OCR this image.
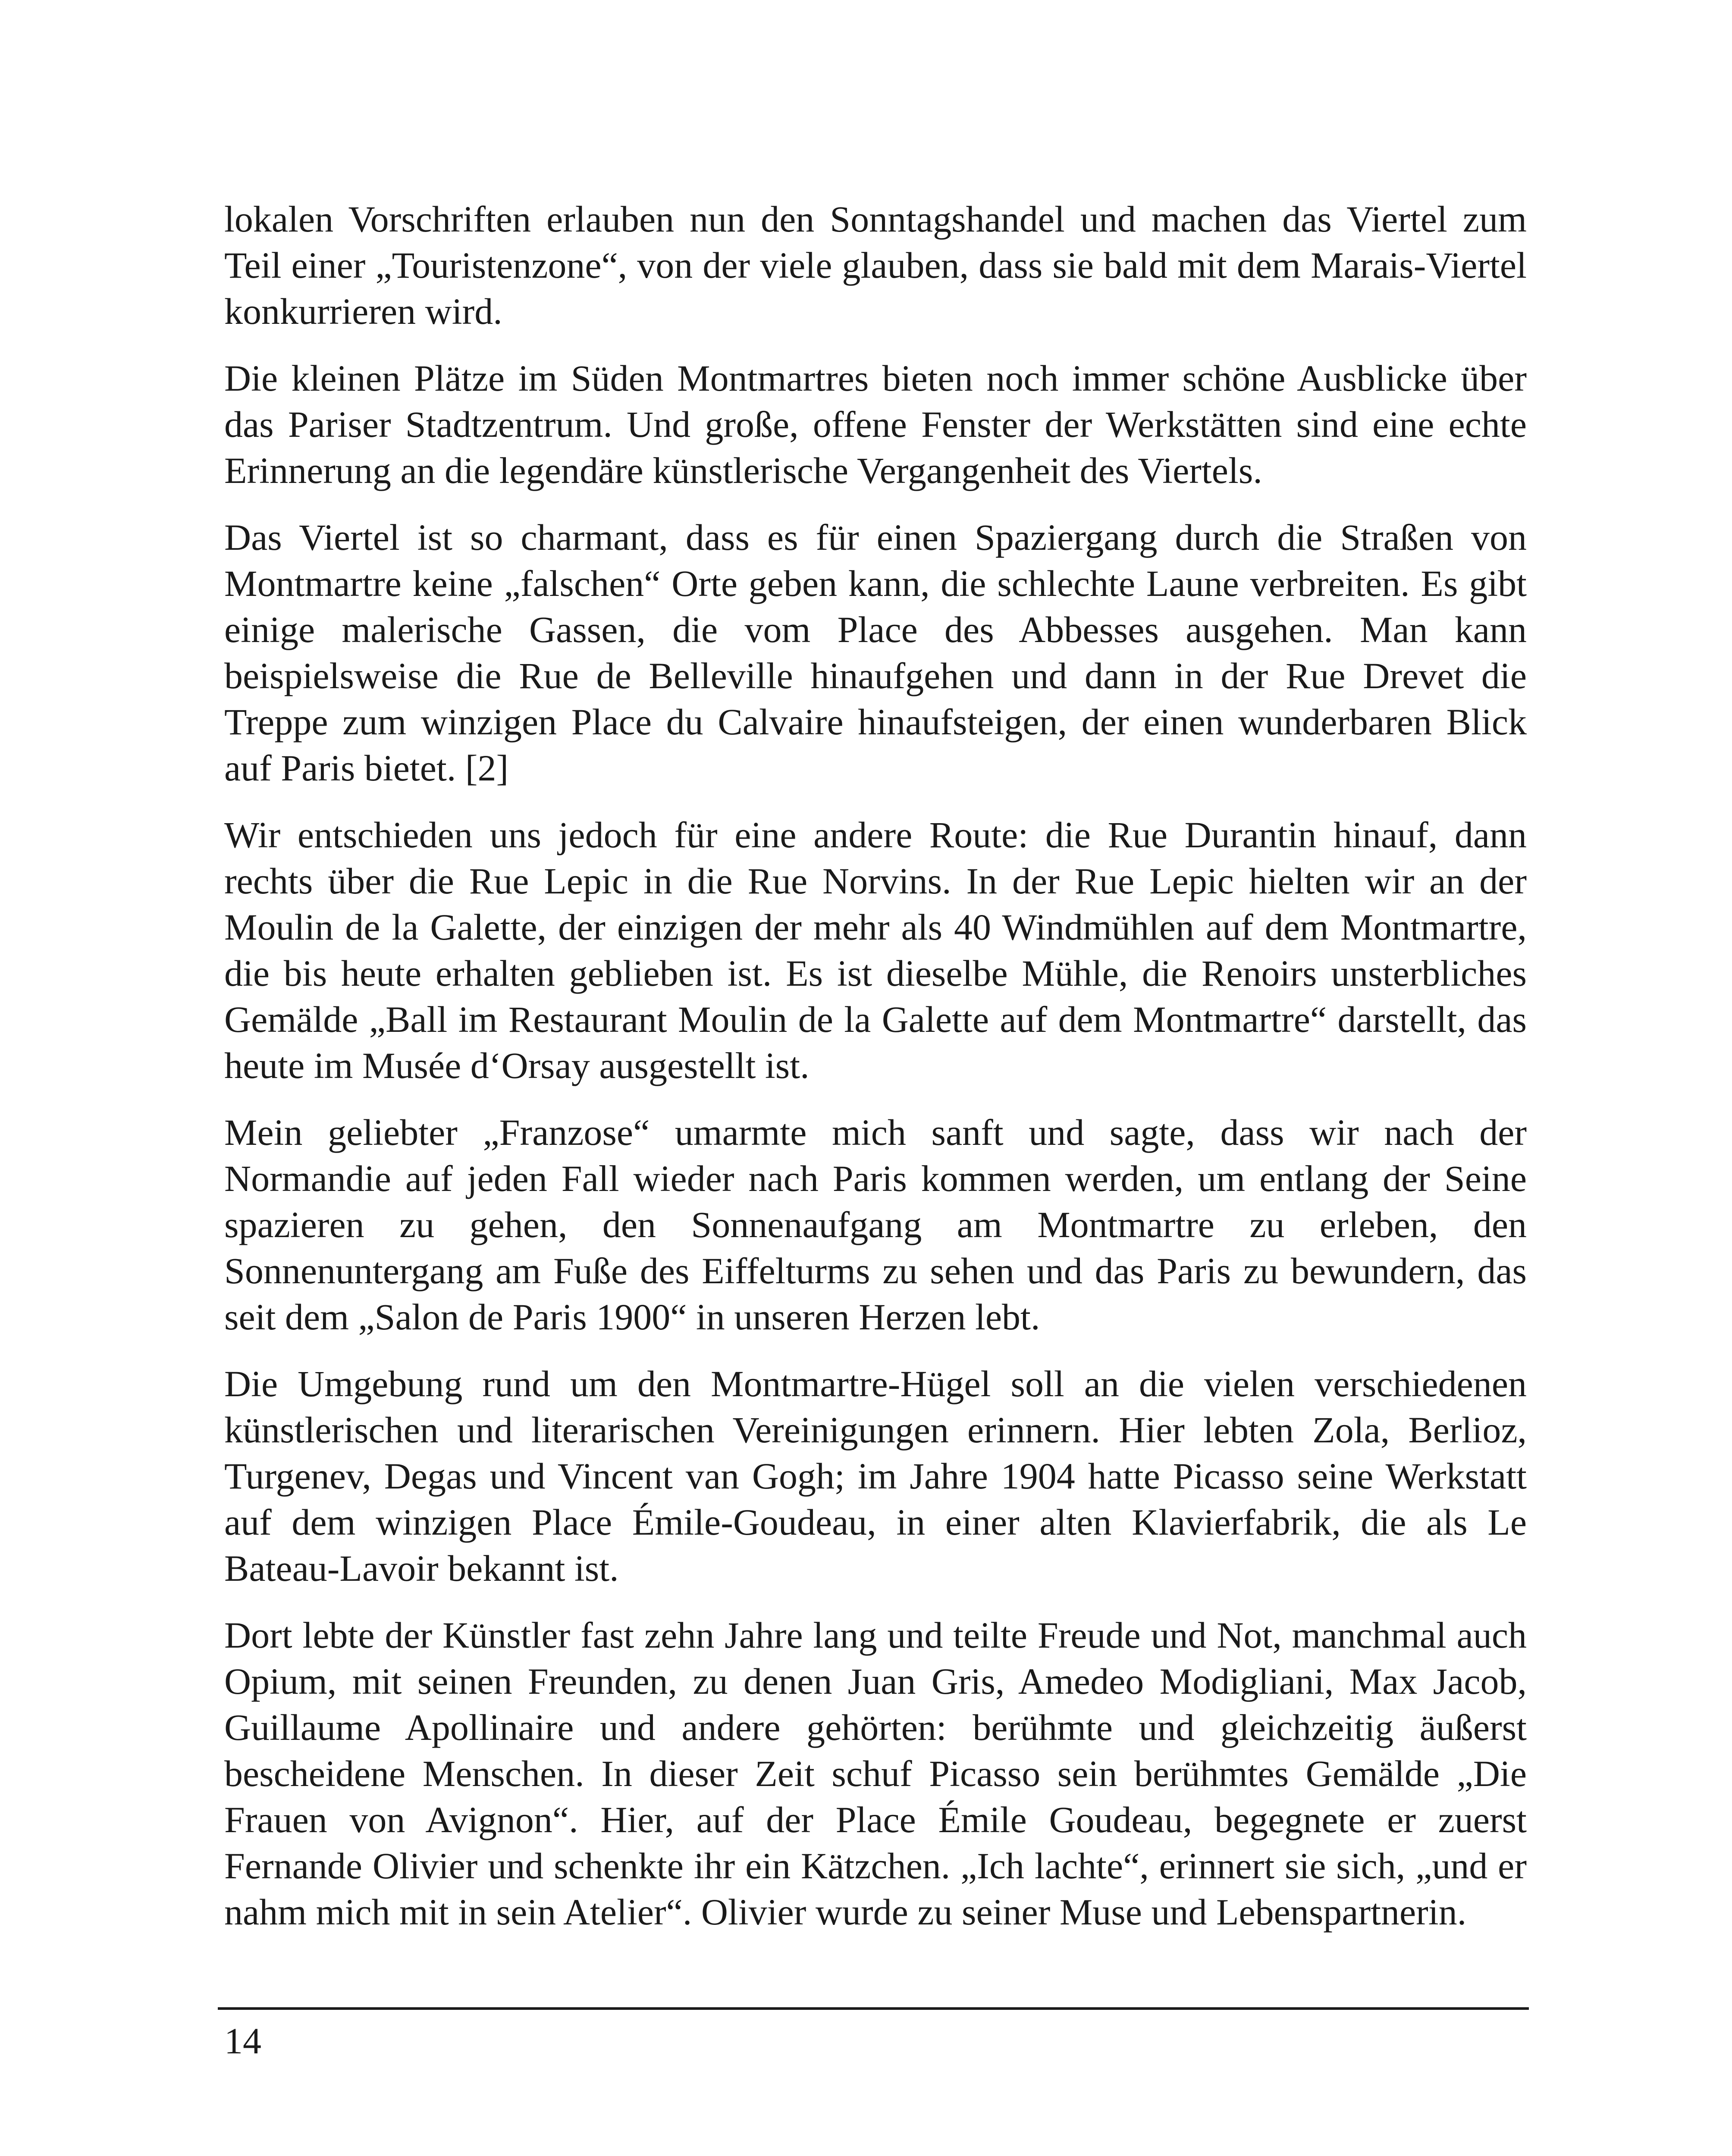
lokalen Vorschriften erlauben nun den Sonntagshandel und machen das Viertel zum Teil einer „Touristenzone“, von der viele glauben, dass sie bald mit dem Marais-Viertel konkurrieren wird.

Die kleinen Plätze im Süden Montmartres bieten noch immer schöne Ausblicke über das Pariser Stadtzentrum. Und große, offene Fenster der Werkstätten sind eine echte Erinnerung an die legendäre künstlerische Vergangenheit des Viertels.

Das Viertel ist so charmant, dass es für einen Spaziergang durch die Straßen von Montmartre keine „falschen“ Orte geben kann, die schlechte Laune verbreiten. Es gibt einige malerische Gassen, die vom Place des Abbesses ausgehen. Man kann beispielsweise die Rue de Belleville hinaufgehen und dann in der Rue Drevet die Treppe zum winzigen Place du Calvaire hinaufsteigen, der einen wunderbaren Blick auf Paris bietet. [2]

Wir entschieden uns jedoch für eine andere Route: die Rue Durantin hinauf, dann rechts über die Rue Lepic in die Rue Norvins. In der Rue Lepic hielten wir an der Moulin de la Galette, der einzigen der mehr als 40 Windmühlen auf dem Montmartre, die bis heute erhalten geblieben ist. Es ist dieselbe Mühle, die Renoirs unsterbliches Gemälde „Ball im Restaurant Moulin de la Galette auf dem Montmartre“ darstellt, das heute im Musée d‘Orsay ausgestellt ist.

Mein geliebter „Franzose“ umarmte mich sanft und sagte, dass wir nach der Normandie auf jeden Fall wieder nach Paris kommen werden, um entlang der Seine spazieren zu gehen, den Sonnenaufgang am Montmartre zu erleben, den Sonnenuntergang am Fuße des Eiffelturms zu sehen und das Paris zu bewundern, das seit dem „Salon de Paris 1900“ in unseren Herzen lebt.

Die Umgebung rund um den Montmartre-Hügel soll an die vielen verschiedenen künstlerischen und literarischen Vereinigungen erinnern. Hier lebten Zola, Berlioz, Turgenev, Degas und Vincent van Gogh; im Jahre 1904 hatte Picasso seine Werkstatt auf dem winzigen Place Émile-Goudeau, in einer alten Klavierfabrik, die als Le Bateau-Lavoir bekannt ist.

Dort lebte der Künstler fast zehn Jahre lang und teilte Freude und Not, manchmal auch Opium, mit seinen Freunden, zu denen Juan Gris, Amedeo Modigliani, Max Jacob, Guillaume Apollinaire und andere gehörten: berühmte und gleichzeitig äußerst bescheidene Menschen. In dieser Zeit schuf Picasso sein berühmtes Gemälde „Die Frauen von Avignon“. Hier, auf der Place Émile Goudeau, begegnete er zuerst Fernande Olivier und schenkte ihr ein Kätzchen. „Ich lachte“, erinnert sie sich, „und er nahm mich mit in sein Atelier“. Olivier wurde zu seiner Muse und Lebenspartnerin.

14
